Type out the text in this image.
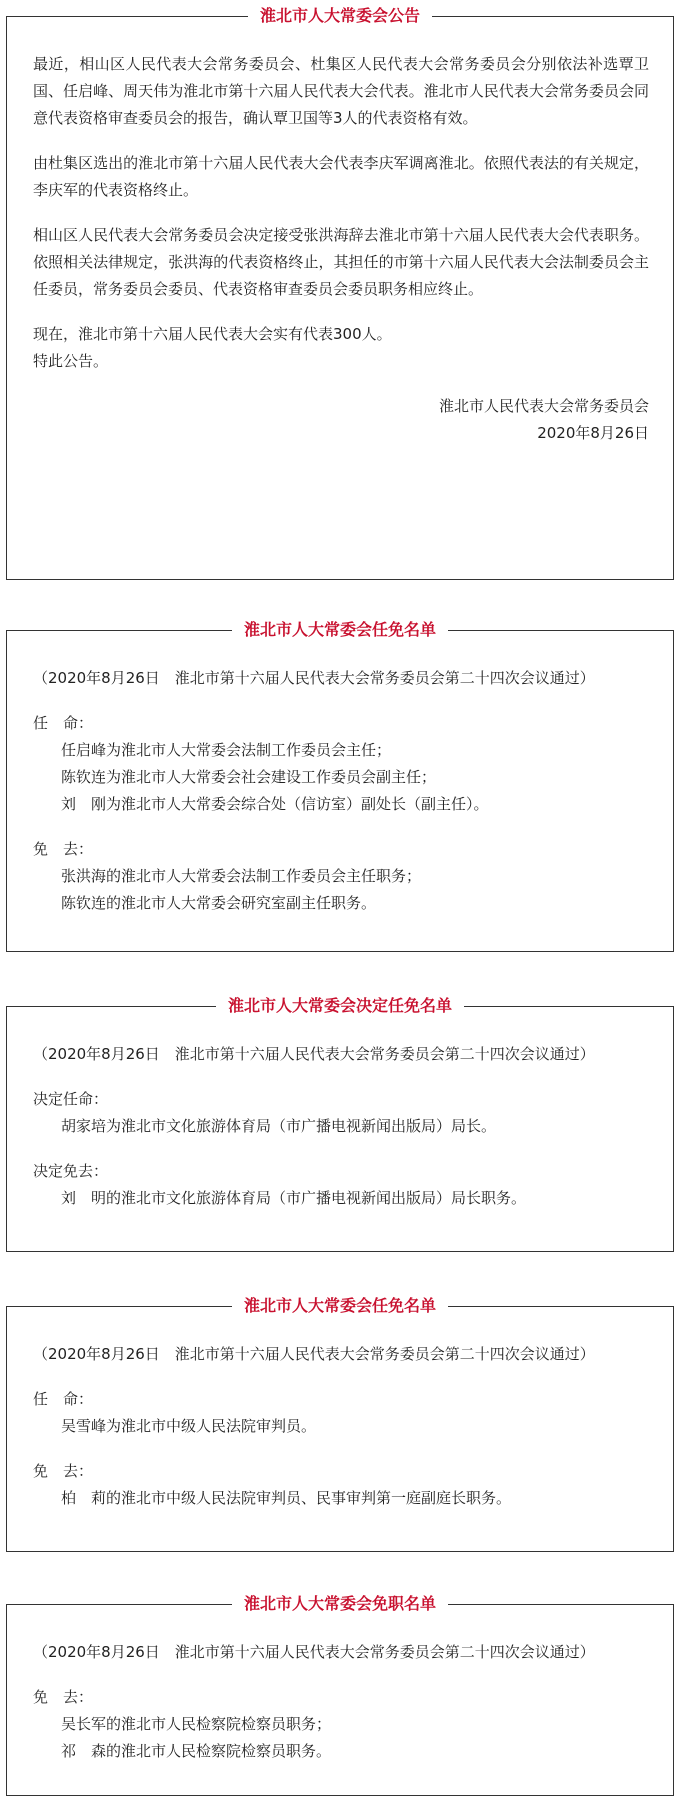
淮北市人大常委会公告

最近，相山区人民代表大会常务委员会、杜集区人民代表大会常务委员会分别依法补选覃卫国、任启峰、周天伟为淮北市第十六届人民代表大会代表。淮北市人民代表大会常务委员会同意代表资格审查委员会的报告，确认覃卫国等3人的代表资格有效。

由杜集区选出的淮北市第十六届人民代表大会代表李庆军调离淮北。依照代表法的有关规定，李庆军的代表资格终止。

相山区人民代表大会常务委员会决定接受张洪海辞去淮北市第十六届人民代表大会代表职务。依照相关法律规定，张洪海的代表资格终止，其担任的市第十六届人民代表大会法制委员会主任委员，常务委员会委员、代表资格审查委员会委员职务相应终止。

现在，淮北市第十六届人民代表大会实有代表300人。
特此公告。
淮北市人民代表大会常务委员会
2020年8月26日
淮北市人大常委会任免名单

（2020年8月26日　淮北市第十六届人民代表大会常务委员会第二十四次会议通过）

任　命：

任启峰为淮北市人大常委会法制工作委员会主任；

陈钦连为淮北市人大常委会社会建设工作委员会副主任；

刘　刚为淮北市人大常委会综合处（信访室）副处长（副主任）。

免　去：

张洪海的淮北市人大常委会法制工作委员会主任职务；

陈钦连的淮北市人大常委会研究室副主任职务。

淮北市人大常委会决定任免名单

（2020年8月26日　淮北市第十六届人民代表大会常务委员会第二十四次会议通过）

决定任命：

胡家培为淮北市文化旅游体育局（市广播电视新闻出版局）局长。

决定免去：

刘　明的淮北市文化旅游体育局（市广播电视新闻出版局）局长职务。

淮北市人大常委会任免名单

（2020年8月26日　淮北市第十六届人民代表大会常务委员会第二十四次会议通过）

任　命：

吴雪峰为淮北市中级人民法院审判员。

免　去：

柏　莉的淮北市中级人民法院审判员、民事审判第一庭副庭长职务。

淮北市人大常委会免职名单

（2020年8月26日　淮北市第十六届人民代表大会常务委员会第二十四次会议通过）

免　去：

吴长军的淮北市人民检察院检察员职务；

祁　森的淮北市人民检察院检察员职务。
